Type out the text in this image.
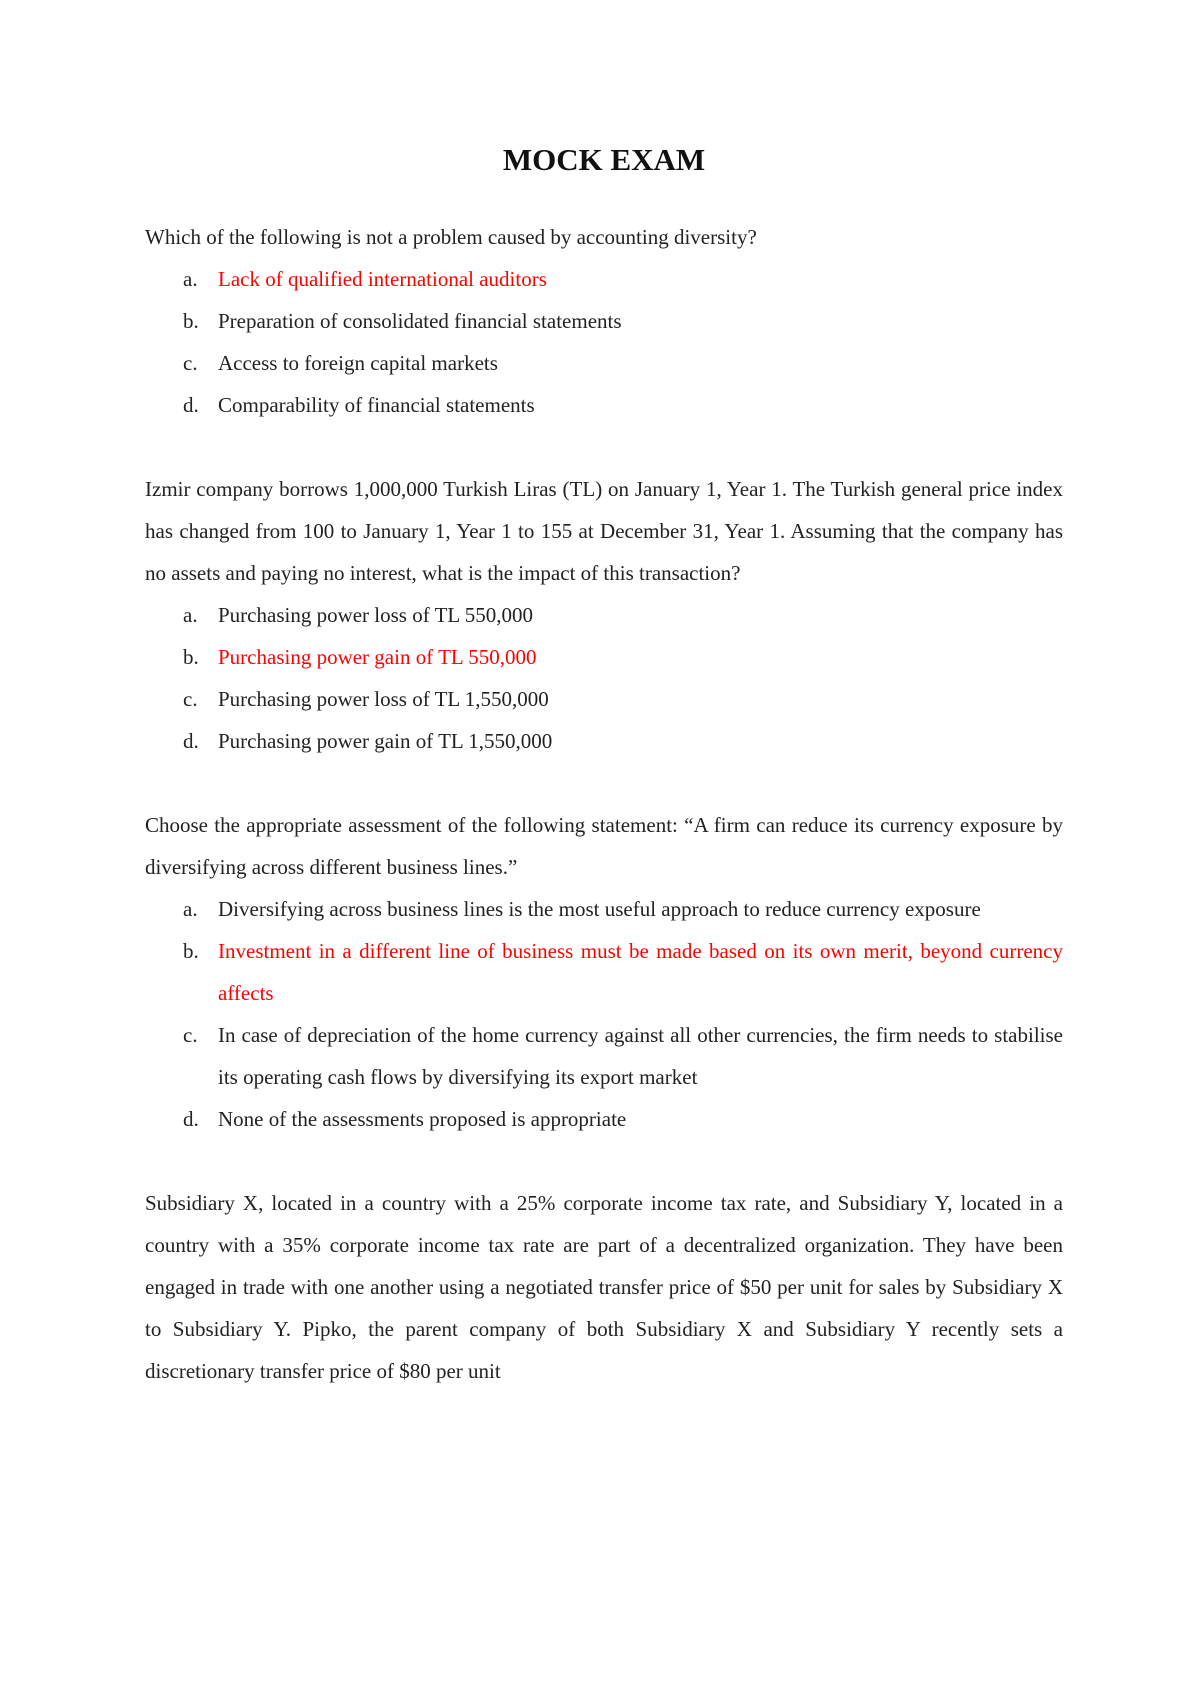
MOCK EXAM

Which of the following is not a problem caused by accounting diversity?

a. Lack of qualified international auditors
b. Preparation of consolidated financial statements
c. Access to foreign capital markets
d. Comparability of financial statements

Izmir company borrows 1,000,000 Turkish Liras (TL) on January 1, Year 1. The Turkish general price index has changed from 100 to January 1, Year 1 to 155 at December 31, Year 1. Assuming that the company has no assets and paying no interest, what is the impact of this transaction?

a. Purchasing power loss of TL 550,000
b. Purchasing power gain of TL 550,000
c. Purchasing power loss of TL 1,550,000
d. Purchasing power gain of TL 1,550,000

Choose the appropriate assessment of the following statement: “A firm can reduce its currency exposure by diversifying across different business lines.”

a. Diversifying across business lines is the most useful approach to reduce currency exposure
b. Investment in a different line of business must be made based on its own merit, beyond currency affects
c. In case of depreciation of the home currency against all other currencies, the firm needs to stabilise its operating cash flows by diversifying its export market
d. None of the assessments proposed is appropriate

Subsidiary X, located in a country with a 25% corporate income tax rate, and Subsidiary Y, located in a country with a 35% corporate income tax rate are part of a decentralized organization. They have been engaged in trade with one another using a negotiated transfer price of $50 per unit for sales by Subsidiary X to Subsidiary Y. Pipko, the parent company of both Subsidiary X and Subsidiary Y recently sets a discretionary transfer price of $80 per unit
